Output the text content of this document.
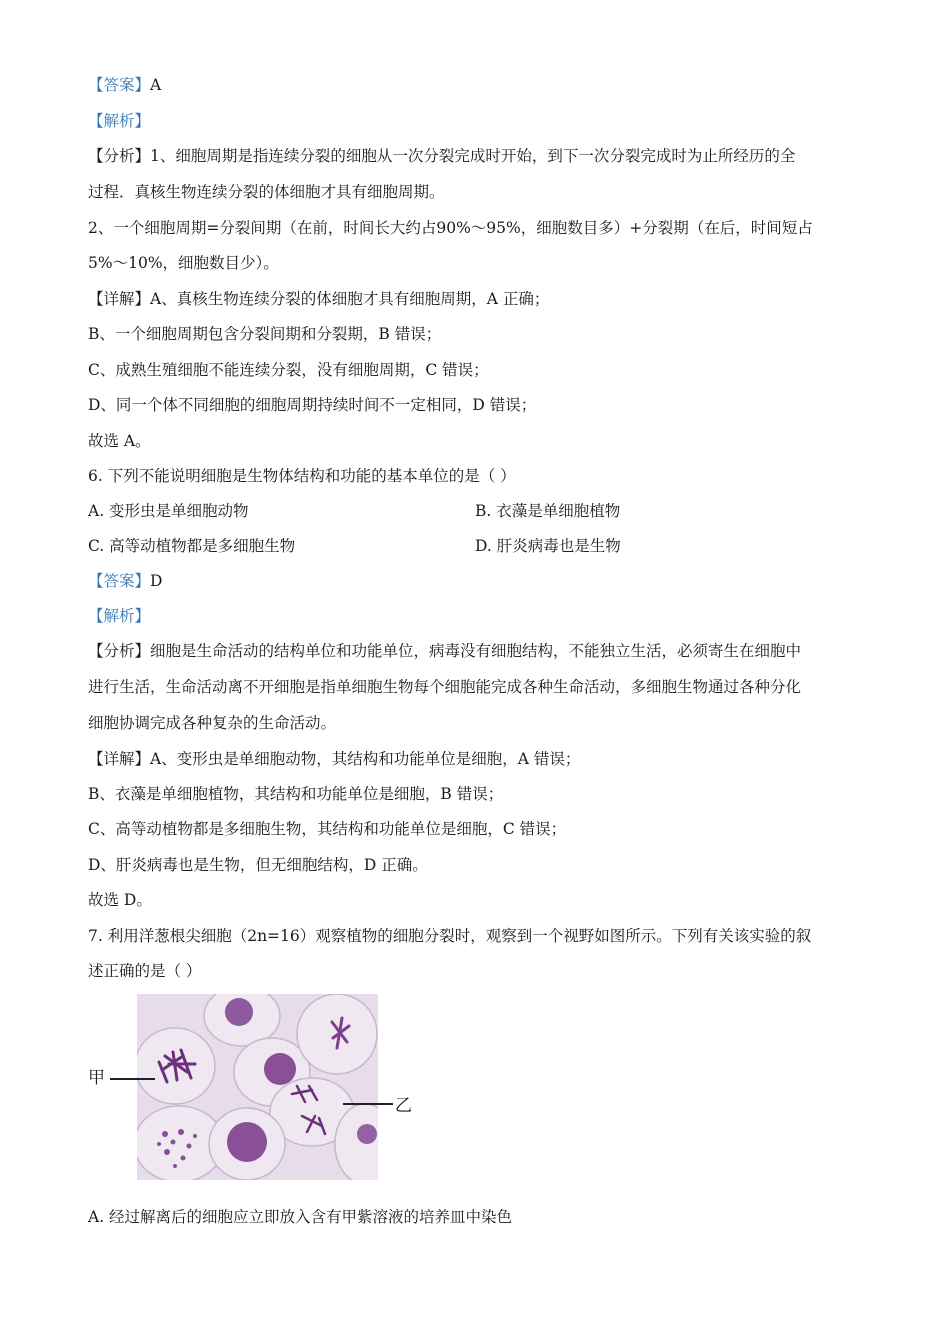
【答案】A
【解析】
【分析】1、细胞周期是指连续分裂的细胞从一次分裂完成时开始，到下一次分裂完成时为止所经历的全
过程．真核生物连续分裂的体细胞才具有细胞周期。
2、一个细胞周期=分裂间期（在前，时间长大约占90%～95%，细胞数目多）+分裂期（在后，时间短占
5%～10%，细胞数目少）。
【详解】A、真核生物连续分裂的体细胞才具有细胞周期，A 正确；
B、一个细胞周期包含分裂间期和分裂期，B 错误；
C、成熟生殖细胞不能连续分裂，没有细胞周期，C 错误；
D、同一个体不同细胞的细胞周期持续时间不一定相同，D 错误；
故选 A。
6. 下列不能说明细胞是生物体结构和功能的基本单位的是（ ）
A. 变形虫是单细胞动物	B. 衣藻是单细胞植物
C. 高等动植物都是多细胞生物	D. 肝炎病毒也是生物
【答案】D
【解析】
【分析】细胞是生命活动的结构单位和功能单位，病毒没有细胞结构，不能独立生活，必须寄生在细胞中
进行生活，生命活动离不开细胞是指单细胞生物每个细胞能完成各种生命活动，多细胞生物通过各种分化
细胞协调完成各种复杂的生命活动。
【详解】A、变形虫是单细胞动物，其结构和功能单位是细胞，A 错误；
B、衣藻是单细胞植物，其结构和功能单位是细胞，B 错误；
C、高等动植物都是多细胞生物，其结构和功能单位是细胞，C 错误；
D、肝炎病毒也是生物，但无细胞结构，D 正确。
故选 D。
7. 利用洋葱根尖细胞（2n=16）观察植物的细胞分裂时，观察到一个视野如图所示。下列有关该实验的叙
述正确的是（ ）
甲
乙
A. 经过解离后的细胞应立即放入含有甲紫溶液的培养皿中染色
